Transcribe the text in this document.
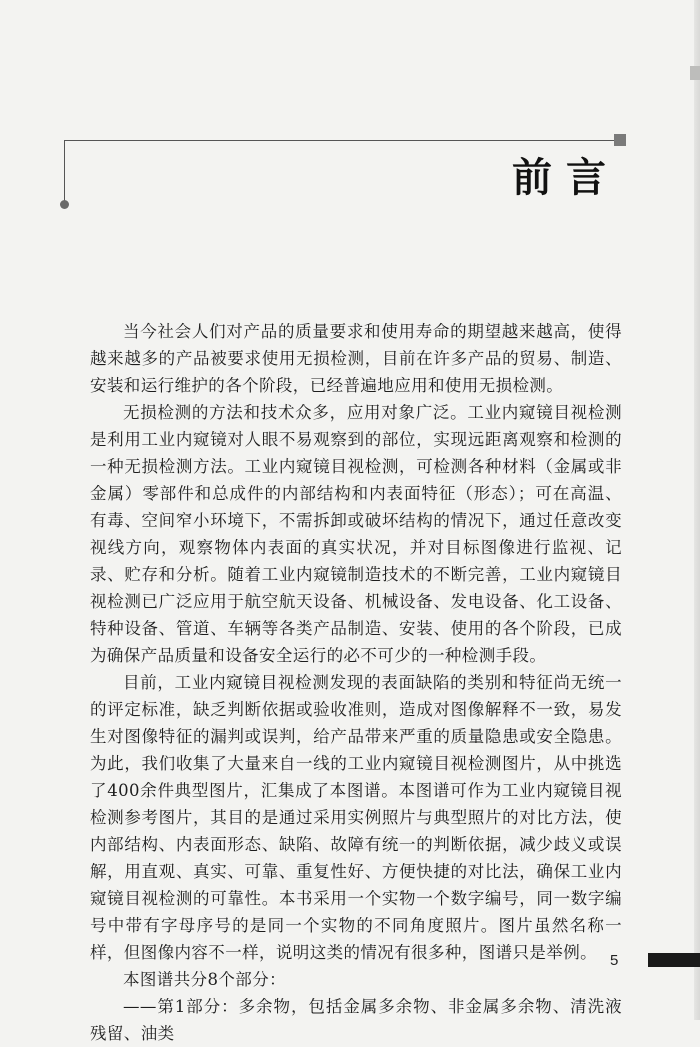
前言

当今社会人们对产品的质量要求和使用寿命的期望越来越高，使得越来越多的产品被要求使用无损检测，目前在许多产品的贸易、制造、安装和运行维护的各个阶段，已经普遍地应用和使用无损检测。

无损检测的方法和技术众多，应用对象广泛。工业内窥镜目视检测是利用工业内窥镜对人眼不易观察到的部位，实现远距离观察和检测的一种无损检测方法。工业内窥镜目视检测，可检测各种材料（金属或非金属）零部件和总成件的内部结构和内表面特征（形态）；可在高温、有毒、空间窄小环境下，不需拆卸或破坏结构的情况下，通过任意改变视线方向，观察物体内表面的真实状况，并对目标图像进行监视、记录、贮存和分析。随着工业内窥镜制造技术的不断完善，工业内窥镜目视检测已广泛应用于航空航天设备、机械设备、发电设备、化工设备、特种设备、管道、车辆等各类产品制造、安装、使用的各个阶段，已成为确保产品质量和设备安全运行的必不可少的一种检测手段。

目前，工业内窥镜目视检测发现的表面缺陷的类别和特征尚无统一的评定标准，缺乏判断依据或验收准则，造成对图像解释不一致，易发生对图像特征的漏判或误判，给产品带来严重的质量隐患或安全隐患。为此，我们收集了大量来自一线的工业内窥镜目视检测图片，从中挑选了400余件典型图片，汇集成了本图谱。本图谱可作为工业内窥镜目视检测参考图片，其目的是通过采用实例照片与典型照片的对比方法，使内部结构、内表面形态、缺陷、故障有统一的判断依据，减少歧义或误解，用直观、真实、可靠、重复性好、方便快捷的对比法，确保工业内窥镜目视检测的可靠性。本书采用一个实物一个数字编号，同一数字编号中带有字母序号的是同一个实物的不同角度照片。图片虽然名称一样，但图像内容不一样，说明这类的情况有很多种，图谱只是举例。

本图谱共分8个部分：

——第1部分：多余物，包括金属多余物、非金属多余物、清洗液残留、油类

5
